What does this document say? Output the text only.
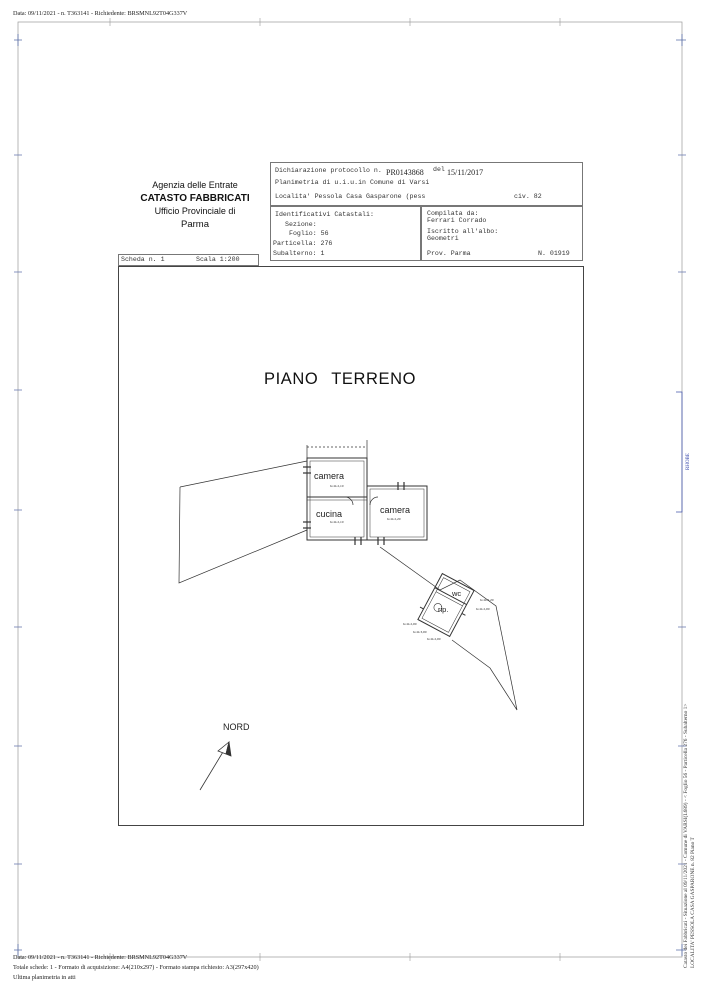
Data: 09/11/2021 - n. T363141 - Richiedente: BRSMNL92T04G337V
Agenzia delle Entrate
CATASTO FABBRICATI
Ufficio Provinciale di
Parma
Dichiarazione protocollo n. PR0143868 del 15/11/2017
Planimetria di u.i.u.in Comune di Varsi
Localita' Pessola Casa Gasparone (pess	civ. 82
Identificativi Catastali:
Sezione:
Foglio: 56
Particella: 276
Subalterno: 1
Compilata da:
Ferrari Corrado
Iscritto all'albo:
Geometri
Prov. Parma	N. 01919
Scheda n. 1	Scala 1:200
PIANO TERRENO
camera
h=m 2,10
cucina
h=m 2,10
camera
h=m 2,20
wc
rip.
h=m 2,20
h=m 2,00
h=m 2,00
h=m 3,00
h=m 2,00
NORD
RHOBE
Catasto dei Fabbricati - Situazione al 09/11/2021 - Comune di VARSI(L689) - < Foglio 56 - Particella 276 - Subalterno 1> LOCALITA' PESSOLA CASA GASPARONE n. 82 Piano T
Data: 09/11/2021 - n. T363141 - Richiedente: BRSMNL92T04G337V
Totale schede: 1 - Formato di acquisizione: A4(210x297) - Formato stampa richiesto: A3(297x420)
Ultima planimetria in atti
